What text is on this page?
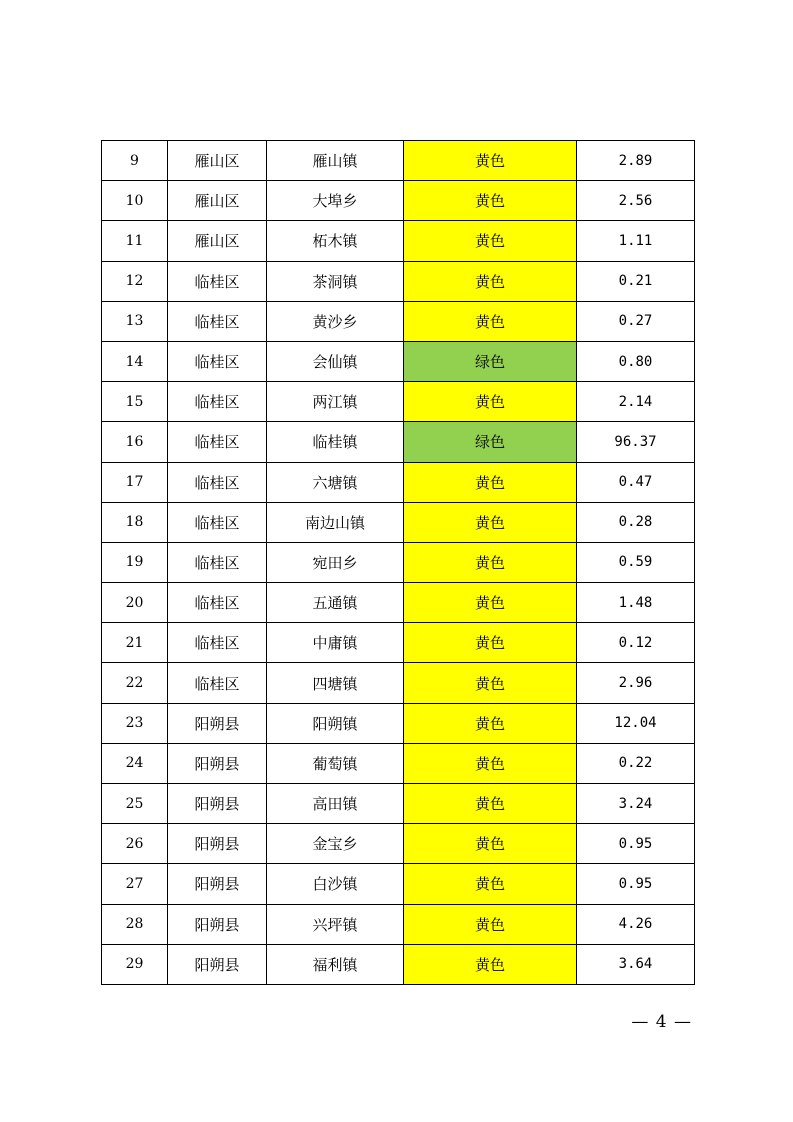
9	雁山区	雁山镇	黄色	2.89
10	雁山区	大埠乡	黄色	2.56
11	雁山区	柘木镇	黄色	1.11
12	临桂区	茶洞镇	黄色	0.21
13	临桂区	黄沙乡	黄色	0.27
14	临桂区	会仙镇	绿色	0.80
15	临桂区	两江镇	黄色	2.14
16	临桂区	临桂镇	绿色	96.37
17	临桂区	六塘镇	黄色	0.47
18	临桂区	南边山镇	黄色	0.28
19	临桂区	宛田乡	黄色	0.59
20	临桂区	五通镇	黄色	1.48
21	临桂区	中庸镇	黄色	0.12
22	临桂区	四塘镇	黄色	2.96
23	阳朔县	阳朔镇	黄色	12.04
24	阳朔县	葡萄镇	黄色	0.22
25	阳朔县	高田镇	黄色	3.24
26	阳朔县	金宝乡	黄色	0.95
27	阳朔县	白沙镇	黄色	0.95
28	阳朔县	兴坪镇	黄色	4.26
29	阳朔县	福利镇	黄色	3.64
— 4 —
